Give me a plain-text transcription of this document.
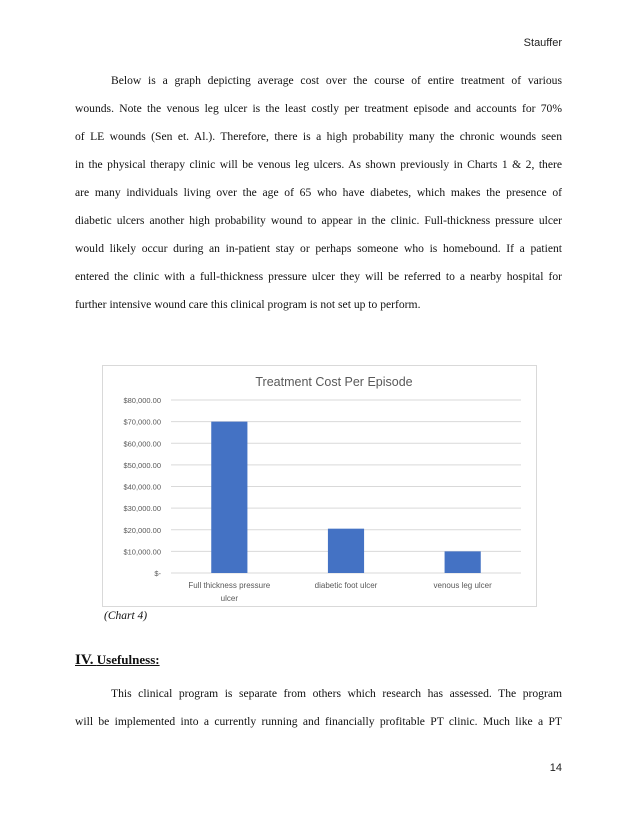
Stauffer
Below is a graph depicting average cost over the course of entire treatment of various
wounds. Note the venous leg ulcer is the least costly per treatment episode and accounts for 70%
of LE wounds (Sen et. Al.). Therefore, there is a high probability many the chronic wounds seen
in the physical therapy clinic will be venous leg ulcers. As shown previously in Charts 1 & 2, there
are many individuals living over the age of 65 who have diabetes, which makes the presence of
diabetic ulcers another high probability wound to appear in the clinic. Full-thickness pressure ulcer
would likely occur during an in-patient stay or perhaps someone who is homebound. If a patient
entered the clinic with a full-thickness pressure ulcer they will be referred to a nearby hospital for
further intensive wound care this clinical program is not set up to perform.
Treatment Cost Per Episode
$-
$10,000.00
$20,000.00
$30,000.00
$40,000.00
$50,000.00
$60,000.00
$70,000.00
$80,000.00
Full thickness pressure
ulcer
diabetic foot ulcer	venous leg ulcer
(Chart 4)
IV. Usefulness:
This clinical program is separate from others which research has assessed. The program
will be implemented into a currently running and financially profitable PT clinic. Much like a PT
14
